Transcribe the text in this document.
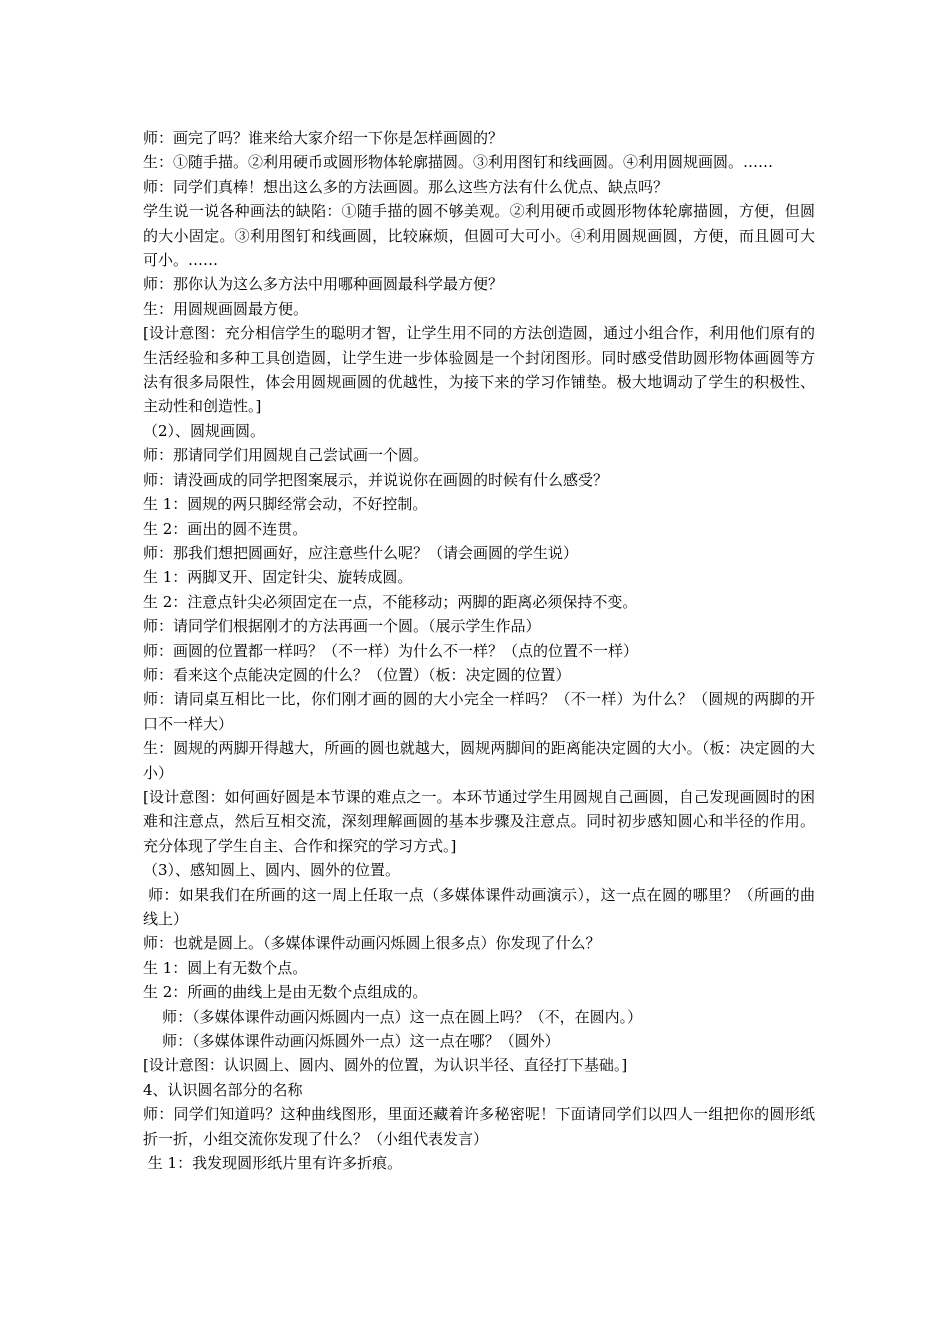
师：画完了吗？谁来给大家介绍一下你是怎样画圆的？

生：①随手描。②利用硬币或圆形物体轮廓描圆。③利用图钉和线画圆。④利用圆规画圆。……

师：同学们真棒！想出这么多的方法画圆。那么这些方法有什么优点、缺点吗？

学生说一说各种画法的缺陷：①随手描的圆不够美观。②利用硬币或圆形物体轮廓描圆，方便，但圆的大小固定。③利用图钉和线画圆，比较麻烦，但圆可大可小。④利用圆规画圆，方便，而且圆可大可小。……

师：那你认为这么多方法中用哪种画圆最科学最方便？

生：用圆规画圆最方便。

[设计意图：充分相信学生的聪明才智，让学生用不同的方法创造圆，通过小组合作，利用他们原有的生活经验和多种工具创造圆，让学生进一步体验圆是一个封闭图形。同时感受借助圆形物体画圆等方法有很多局限性，体会用圆规画圆的优越性，为接下来的学习作铺垫。极大地调动了学生的积极性、主动性和创造性。]

（2）、圆规画圆。

师：那请同学们用圆规自己尝试画一个圆。

师：请没画成的同学把图案展示，并说说你在画圆的时候有什么感受？

生 1：圆规的两只脚经常会动，不好控制。

生 2：画出的圆不连贯。

师：那我们想把圆画好，应注意些什么呢？（请会画圆的学生说）

生 1：两脚叉开、固定针尖、旋转成圆。

生 2：注意点针尖必须固定在一点，不能移动；两脚的距离必须保持不变。

师：请同学们根据刚才的方法再画一个圆。（展示学生作品）

师：画圆的位置都一样吗？（不一样）为什么不一样？（点的位置不一样）

师：看来这个点能决定圆的什么？（位置）（板：决定圆的位置）

师：请同桌互相比一比，你们刚才画的圆的大小完全一样吗？（不一样）为什么？（圆规的两脚的开口不一样大）

生：圆规的两脚开得越大，所画的圆也就越大，圆规两脚间的距离能决定圆的大小。（板：决定圆的大小）

[设计意图：如何画好圆是本节课的难点之一。本环节通过学生用圆规自己画圆，自己发现画圆时的困难和注意点，然后互相交流，深刻理解画圆的基本步骤及注意点。同时初步感知圆心和半径的作用。充分体现了学生自主、合作和探究的学习方式。]

（3）、感知圆上、圆内、圆外的位置。

师：如果我们在所画的这一周上任取一点（多媒体课件动画演示），这一点在圆的哪里？（所画的曲线上）

师：也就是圆上。（多媒体课件动画闪烁圆上很多点）你发现了什么？

生 1：圆上有无数个点。

生 2：所画的曲线上是由无数个点组成的。

师：（多媒体课件动画闪烁圆内一点）这一点在圆上吗？（不，在圆内。）

师：（多媒体课件动画闪烁圆外一点）这一点在哪？（圆外）

[设计意图：认识圆上、圆内、圆外的位置，为认识半径、直径打下基础。]

4、认识圆名部分的名称

师：同学们知道吗？这种曲线图形，里面还藏着许多秘密呢！下面请同学们以四人一组把你的圆形纸折一折，小组交流你发现了什么？（小组代表发言）

生 1：我发现圆形纸片里有许多折痕。
